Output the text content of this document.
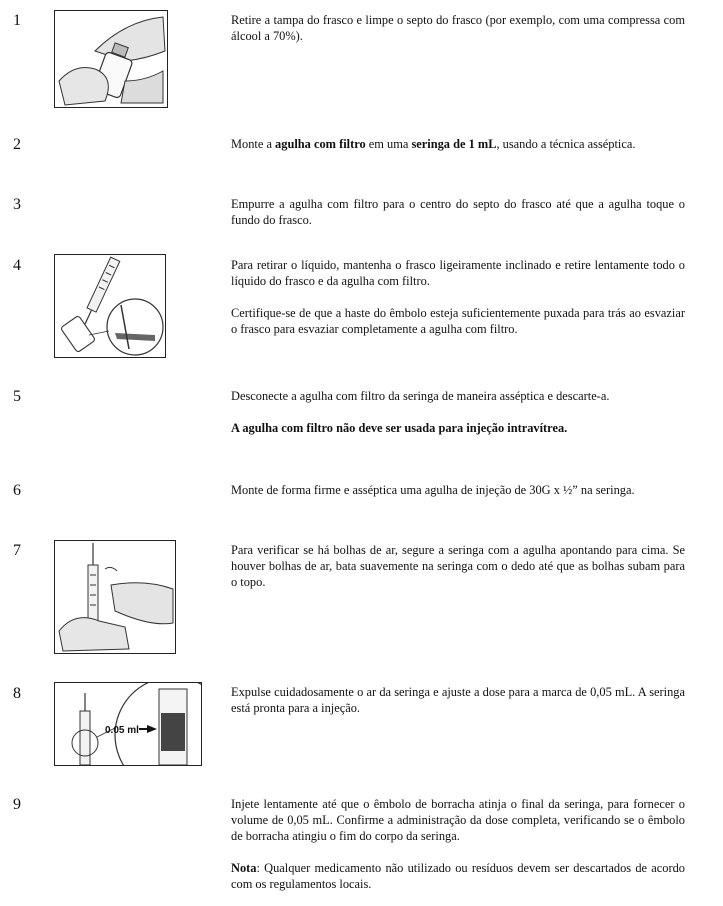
1	Retire a tampa do frasco e limpe o septo do frasco (por exemplo, com uma compressa com álcool a 70%).

2	Monte a agulha com filtro em uma seringa de 1 mL, usando a técnica asséptica.

3	Empurre a agulha com filtro para o centro do septo do frasco até que a agulha toque o fundo do frasco.

4	Para retirar o líquido, mantenha o frasco ligeiramente inclinado e retire lentamente todo o líquido do frasco e da agulha com filtro.

Certifique-se de que a haste do êmbolo esteja suficientemente puxada para trás ao esvaziar o frasco para esvaziar completamente a agulha com filtro.

5	Desconecte a agulha com filtro da seringa de maneira asséptica e descarte-a.

A agulha com filtro não deve ser usada para injeção intravítrea.

6	Monte de forma firme e asséptica uma agulha de injeção de 30G x ½” na seringa.

7	Para verificar se há bolhas de ar, segure a seringa com a agulha apontando para cima. Se houver bolhas de ar, bata suavemente na seringa com o dedo até que as bolhas subam para o topo.

8
0.05 ml

Expulse cuidadosamente o ar da seringa e ajuste a dose para a marca de 0,05 mL. A seringa está pronta para a injeção.

9	Injete lentamente até que o êmbolo de borracha atinja o final da seringa, para fornecer o volume de 0,05 mL. Confirme a administração da dose completa, verificando se o êmbolo de borracha atingiu o fim do corpo da seringa.

Nota: Qualquer medicamento não utilizado ou resíduos devem ser descartados de acordo com os regulamentos locais.
